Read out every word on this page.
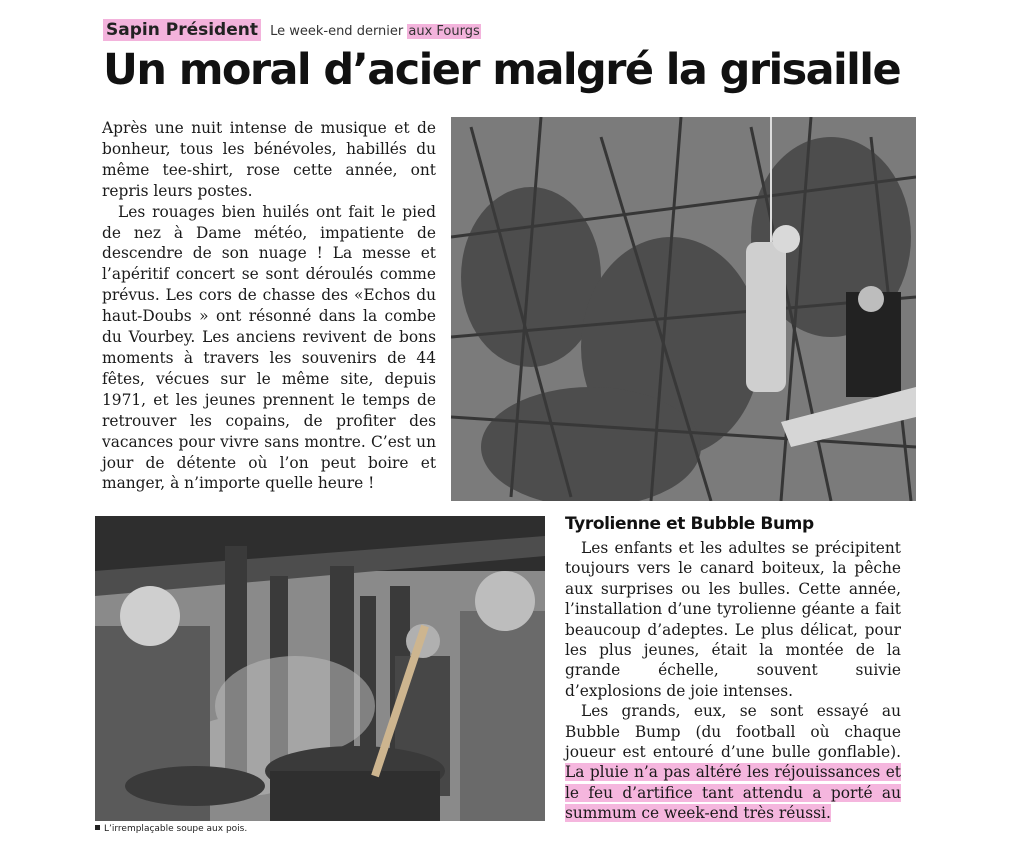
Sapin Président Le week-end dernier aux Fourgs
Un moral d’acier malgré la grisaille

Après une nuit intense de musique et de bonheur, tous les bénévoles, habillés du même tee-shirt, rose cette année, ont repris leurs postes.

Les rouages bien huilés ont fait le pied de nez à Dame météo, impatiente de descendre de son nuage ! La messe et l’apéritif concert se sont déroulés comme prévus. Les cors de chasse des «Echos du haut-Doubs » ont résonné dans la combe du Vourbey. Les anciens revivent de bons moments à travers les souvenirs de 44 fêtes, vécues sur le même site, depuis 1971, et les jeunes prennent le temps de retrouver les copains, de profiter des vacances pour vivre sans montre. C’est un jour de détente où l’on peut boire et manger, à n’importe quelle heure !

L’irremplaçable soupe aux pois.
Tyrolienne et Bubble Bump

Les enfants et les adultes se précipitent toujours vers le canard boiteux, la pêche aux surprises ou les bulles. Cette année, l’installation d’une tyrolienne géante a fait beaucoup d’adeptes. Le plus délicat, pour les plus jeunes, était la montée de la grande échelle, souvent suivie d’explosions de joie intenses.

Les grands, eux, se sont essayé au Bubble Bump (du football où chaque joueur est entouré d’une bulle gonflable). La pluie n’a pas altéré les réjouissances et le feu d’artifice tant attendu a porté au summum ce week-end très réussi.
